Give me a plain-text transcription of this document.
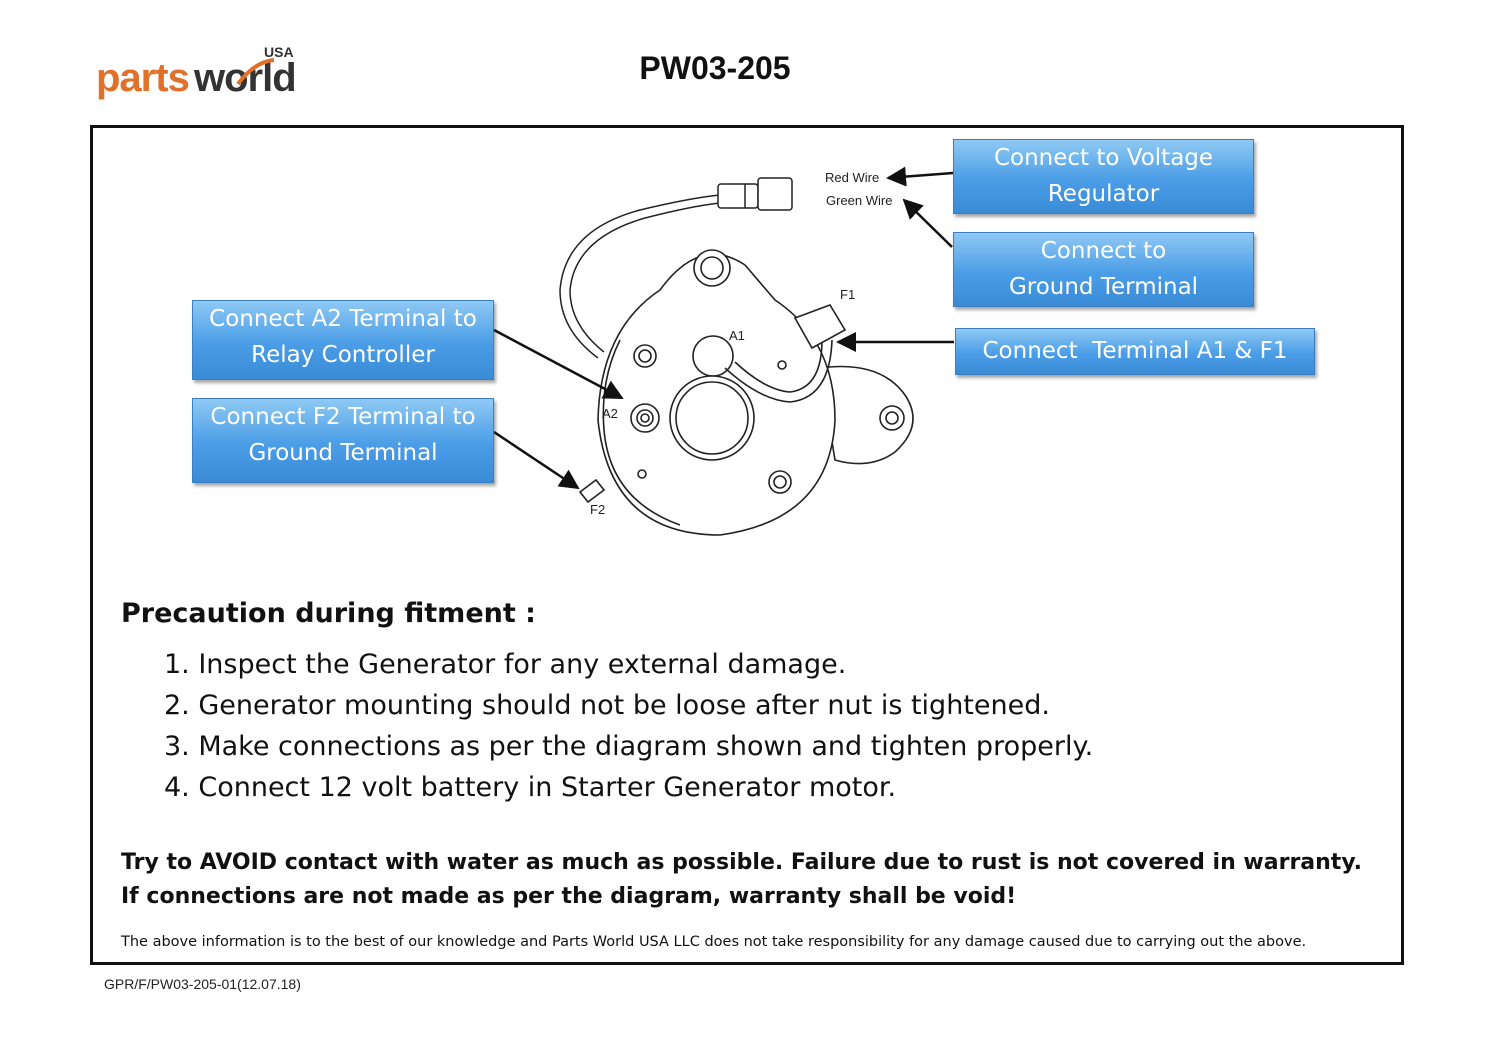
parts world
USA	PW03-205
Red Wire
Green Wire
F1
A1
A2
F2
Connect to Voltage
Regulator
Connect to
Ground Terminal
Connect  Terminal A1 & F1
Connect A2 Terminal to
Relay Controller
Connect F2 Terminal to
Ground Terminal
Precaution during fitment :
1. Inspect the Generator for any external damage.
2. Generator mounting should not be loose after nut is tightened.
3. Make connections as per the diagram shown and tighten properly.
4. Connect 12 volt battery in Starter Generator motor.
Try to AVOID contact with water as much as possible. Failure due to rust is not covered in warranty.
If connections are not made as per the diagram, warranty shall be void!
The above information is to the best of our knowledge and Parts World USA LLC does not take responsibility for any damage caused due to carrying out the above.
GPR/F/PW03-205-01(12.07.18)
